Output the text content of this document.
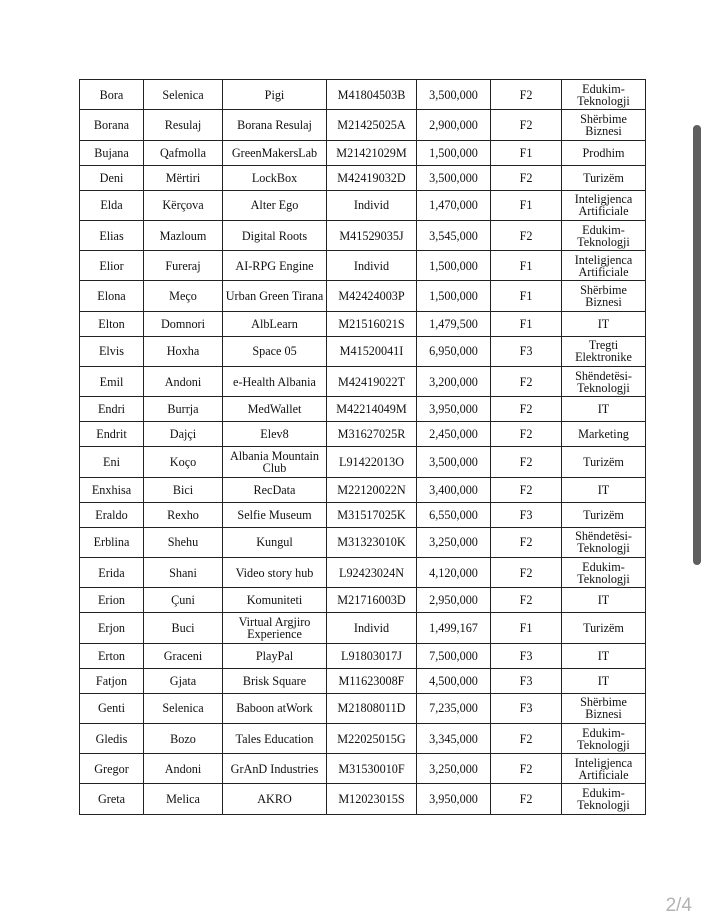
Bora	Selenica	Pigi	M41804503B	3,500,000	F2	Edukim-Teknologji
Borana	Resulaj	Borana Resulaj	M21425025A	2,900,000	F2	Shërbime Biznesi
Bujana	Qafmolla	GreenMakersLab	M21421029M	1,500,000	F1	Prodhim
Deni	Mërtiri	LockBox	M42419032D	3,500,000	F2	Turizëm
Elda	Kërçova	Alter Ego	Individ	1,470,000	F1	Inteligjenca Artificiale
Elias	Mazloum	Digital Roots	M41529035J	3,545,000	F2	Edukim-Teknologji
Elior	Fureraj	AI-RPG Engine	Individ	1,500,000	F1	Inteligjenca Artificiale
Elona	Meço	Urban Green Tirana	M42424003P	1,500,000	F1	Shërbime Biznesi
Elton	Domnori	AlbLearn	M21516021S	1,479,500	F1	IT
Elvis	Hoxha	Space 05	M41520041I	6,950,000	F3	Tregti Elektronike
Emil	Andoni	e-Health Albania	M42419022T	3,200,000	F2	Shëndetësi-Teknologji
Endri	Burrja	MedWallet	M42214049M	3,950,000	F2	IT
Endrit	Dajçi	Elev8	M31627025R	2,450,000	F2	Marketing
Eni	Koço	Albania Mountain Club	L91422013O	3,500,000	F2	Turizëm
Enxhisa	Bici	RecData	M22120022N	3,400,000	F2	IT
Eraldo	Rexho	Selfie Museum	M31517025K	6,550,000	F3	Turizëm
Erblina	Shehu	Kungul	M31323010K	3,250,000	F2	Shëndetësi-Teknologji
Erida	Shani	Video story hub	L92423024N	4,120,000	F2	Edukim-Teknologji
Erion	Çuni	Komuniteti	M21716003D	2,950,000	F2	IT
Erjon	Buci	Virtual Argjiro Experience	Individ	1,499,167	F1	Turizëm
Erton	Graceni	PlayPal	L91803017J	7,500,000	F3	IT
Fatjon	Gjata	Brisk Square	M11623008F	4,500,000	F3	IT
Genti	Selenica	Baboon atWork	M21808011D	7,235,000	F3	Shërbime Biznesi
Gledis	Bozo	Tales Education	M22025015G	3,345,000	F2	Edukim-Teknologji
Gregor	Andoni	GrAnD Industries	M31530010F	3,250,000	F2	Inteligjenca Artificiale
Greta	Melica	AKRO	M12023015S	3,950,000	F2	Edukim-Teknologji
2/4
